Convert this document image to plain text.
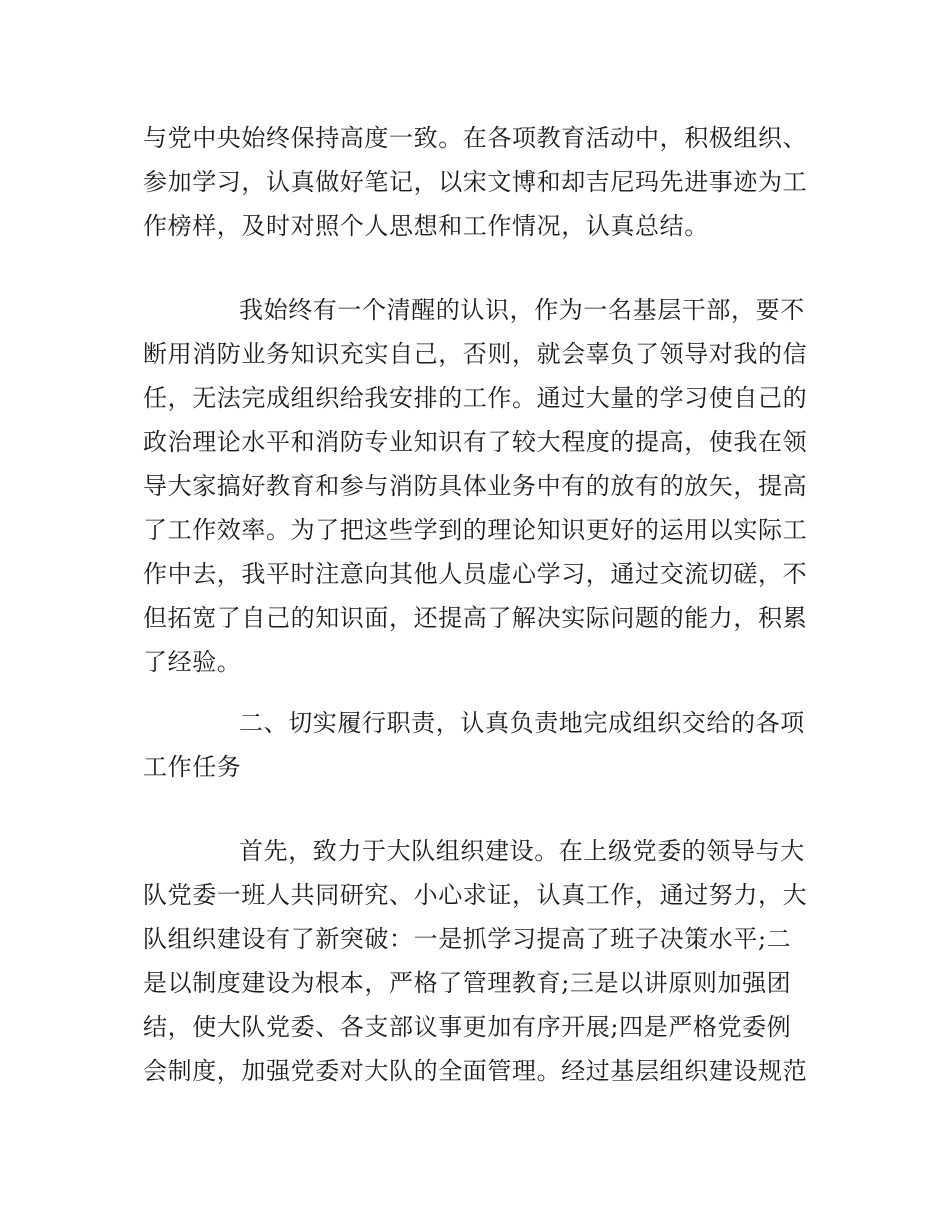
与党中央始终保持高度一致。在各项教育活动中，积极组织、
参加学习，认真做好笔记，以宋文博和却吉尼玛先进事迹为工
作榜样，及时对照个人思想和工作情况，认真总结。

我始终有一个清醒的认识，作为一名基层干部，要不
断用消防业务知识充实自己，否则，就会辜负了领导对我的信
任，无法完成组织给我安排的工作。通过大量的学习使自己的
政治理论水平和消防专业知识有了较大程度的提高，使我在领
导大家搞好教育和参与消防具体业务中有的放有的放矢，提高
了工作效率。为了把这些学到的理论知识更好的运用以实际工
作中去，我平时注意向其他人员虚心学习，通过交流切磋，不
但拓宽了自己的知识面，还提高了解决实际问题的能力，积累
了经验。

二、切实履行职责，认真负责地完成组织交给的各项
工作任务

首先，致力于大队组织建设。在上级党委的领导与大
队党委一班人共同研究、小心求证，认真工作，通过努力，大
队组织建设有了新突破：一是抓学习提高了班子决策水平;二
是以制度建设为根本，严格了管理教育;三是以讲原则加强团
结，使大队党委、各支部议事更加有序开展;四是严格党委例
会制度，加强党委对大队的全面管理。经过基层组织建设规范
